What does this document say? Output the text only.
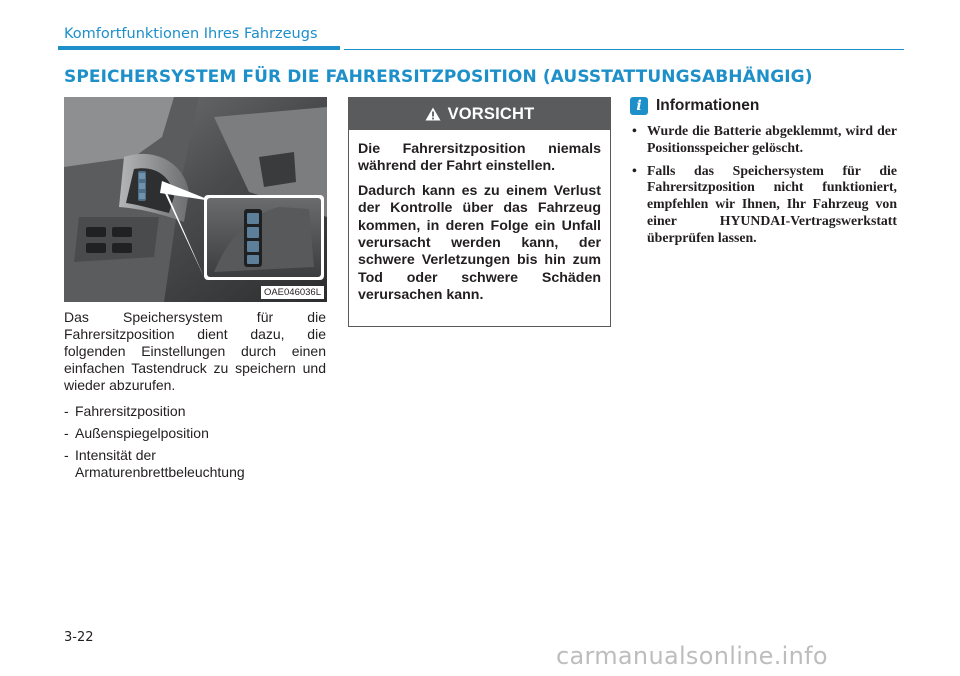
Komfortfunktionen Ihres Fahrzeugs
SPEICHERSYSTEM FÜR DIE FAHRERSITZPOSITION (AUSSTATTUNGSABHÄNGIG)
OAE046036L

Das Speichersystem für die Fahrersitzposition dient dazu, die folgenden Einstellungen durch einen einfachen Tastendruck zu speichern und wieder abzurufen.

- Fahrersitzposition
- Außenspiegelposition
- Intensität der Armaturenbrettbeleuchtung
VORSICHT

Die Fahrersitzposition niemals während der Fahrt einstellen.

Dadurch kann es zu einem Verlust der Kontrolle über das Fahrzeug kommen, in deren Folge ein Unfall verursacht werden kann, der schwere Verletzungen bis hin zum Tod oder schwere Schäden verursachen kann.

i Informationen
• Wurde die Batterie abgeklemmt, wird der Positionsspeicher gelöscht.
• Falls das Speichersystem für die Fahrersitzposition nicht funktioniert, empfehlen wir Ihnen, Ihr Fahrzeug von einer HYUNDAI-Vertragswerkstatt überprüfen lassen.
3-22
carmanualsonline.info
